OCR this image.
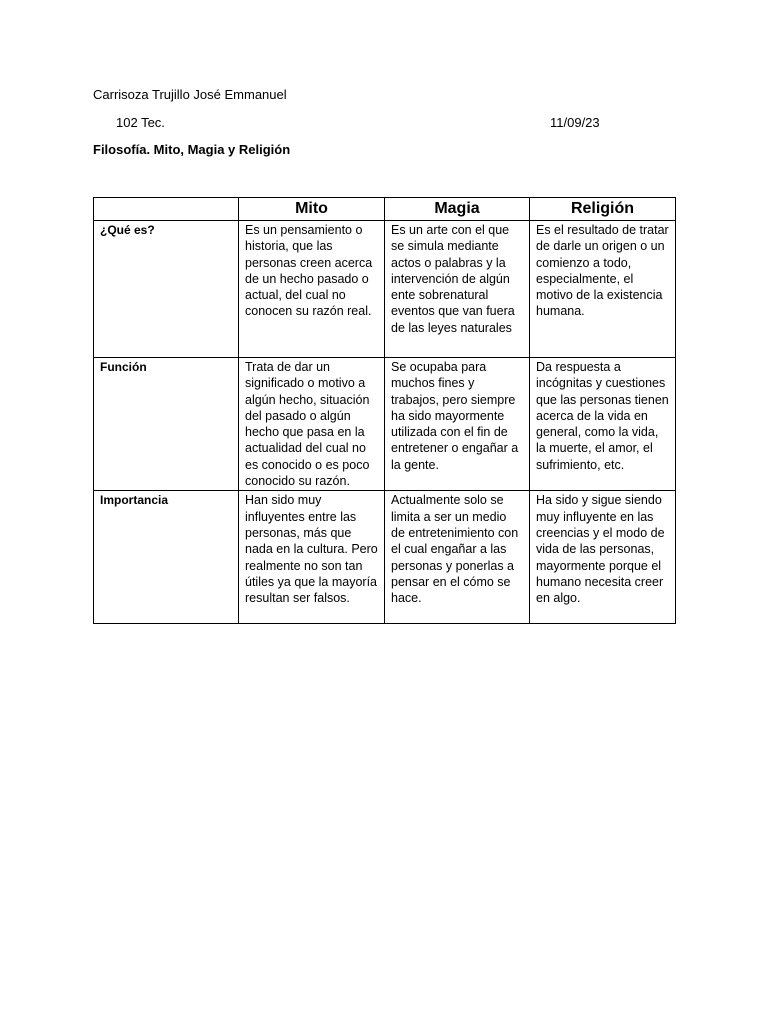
Carrisoza Trujillo José Emmanuel
102 Tec.	11/09/23
Filosofía. Mito, Magia y Religión
	Mito	Magia	Religión
¿Qué es?	Es un pensamiento o historia, que las personas creen acerca de un hecho pasado o actual, del cual no conocen su razón real.	Es un arte con el que se simula mediante actos o palabras y la intervención de algún ente sobrenatural eventos que van fuera de las leyes naturales	Es el resultado de tratar de darle un origen o un comienzo a todo, especialmente, el motivo de la existencia humana.
Función	Trata de dar un significado o motivo a algún hecho, situación del pasado o algún hecho que pasa en la actualidad del cual no es conocido o es poco conocido su razón.	Se ocupaba para muchos fines y trabajos, pero siempre ha sido mayormente utilizada con el fin de entretener o engañar a la gente.	Da respuesta a incógnitas y cuestiones que las personas tienen acerca de la vida en general, como la vida, la muerte, el amor, el sufrimiento, etc.
Importancia	Han sido muy influyentes entre las personas, más que nada en la cultura. Pero realmente no son tan útiles ya que la mayoría resultan ser falsos.	Actualmente solo se limita a ser un medio de entretenimiento con el cual engañar a las personas y ponerlas a pensar en el cómo se hace.	Ha sido y sigue siendo muy influyente en las creencias y el modo de vida de las personas, mayormente porque el humano necesita creer en algo.
